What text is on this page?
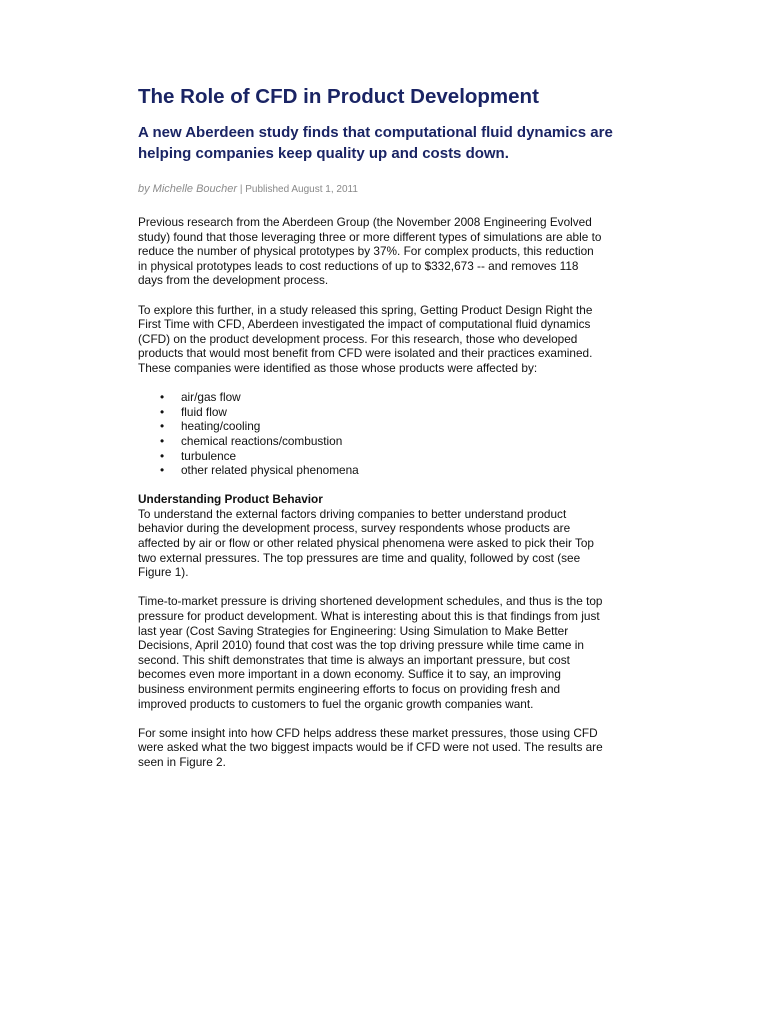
The Role of CFD in Product Development
A new Aberdeen study finds that computational fluid dynamics are helping companies keep quality up and costs down.
by Michelle Boucher | Published August 1, 2011

Previous research from the Aberdeen Group (the November 2008 Engineering Evolved
study) found that those leveraging three or more different types of simulations are able to
reduce the number of physical prototypes by 37%. For complex products, this reduction
in physical prototypes leads to cost reductions of up to $332,673 -- and removes 118
days from the development process.

To explore this further, in a study released this spring, Getting Product Design Right the
First Time with CFD, Aberdeen investigated the impact of computational fluid dynamics
(CFD) on the product development process. For this research, those who developed
products that would most benefit from CFD were isolated and their practices examined.
These companies were identified as those whose products were affected by:

• air/gas flow
• fluid flow
• heating/cooling
• chemical reactions/combustion
• turbulence
• other related physical phenomena

Understanding Product Behavior

To understand the external factors driving companies to better understand product
behavior during the development process, survey respondents whose products are
affected by air or flow or other related physical phenomena were asked to pick their Top
two external pressures. The top pressures are time and quality, followed by cost (see
Figure 1).

Time-to-market pressure is driving shortened development schedules, and thus is the top
pressure for product development. What is interesting about this is that findings from just
last year (Cost Saving Strategies for Engineering: Using Simulation to Make Better
Decisions, April 2010) found that cost was the top driving pressure while time came in
second. This shift demonstrates that time is always an important pressure, but cost
becomes even more important in a down economy. Suffice it to say, an improving
business environment permits engineering efforts to focus on providing fresh and
improved products to customers to fuel the organic growth companies want.

For some insight into how CFD helps address these market pressures, those using CFD
were asked what the two biggest impacts would be if CFD were not used. The results are
seen in Figure 2.
